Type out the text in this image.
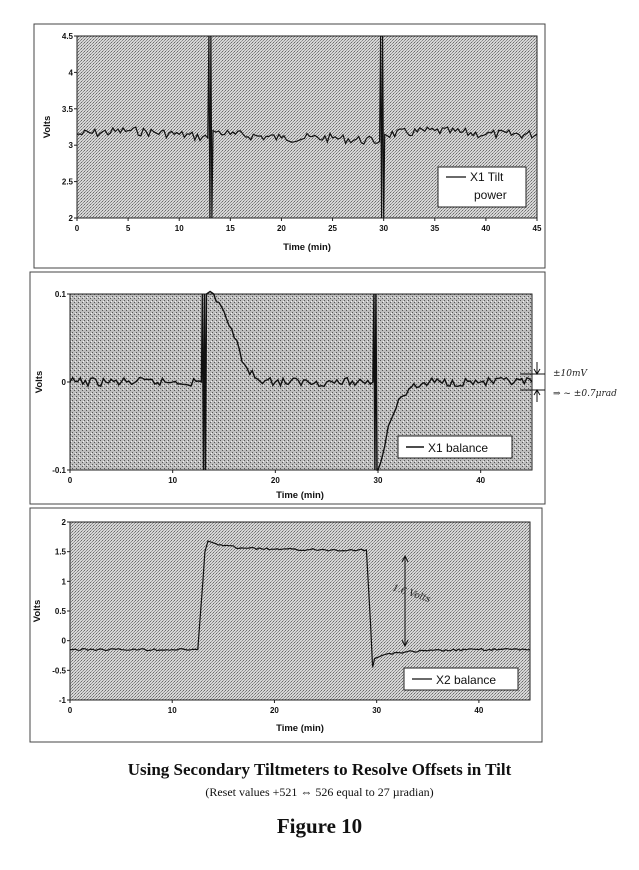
0	5	10	15	20	25	30	35	40	45
2
2.5
3
3.5
4
4.5
X1 Tilt
power
Time (min)
Volts
0	10	20	30	40
-0.1
0
0.1
X1 balance
±10mV
⇒ ~ ±0.7μrad
Time (min)
Volts
0	10	20	30	40
-1
-0.5
0
0.5
1
1.5
2
X2 balance
1.6 Volts
Time (min)
Volts
Using Secondary Tiltmeters to Resolve Offsets in Tilt
(Reset values +521 ⇔ 526 equal to 27 µradian)
Figure 10
